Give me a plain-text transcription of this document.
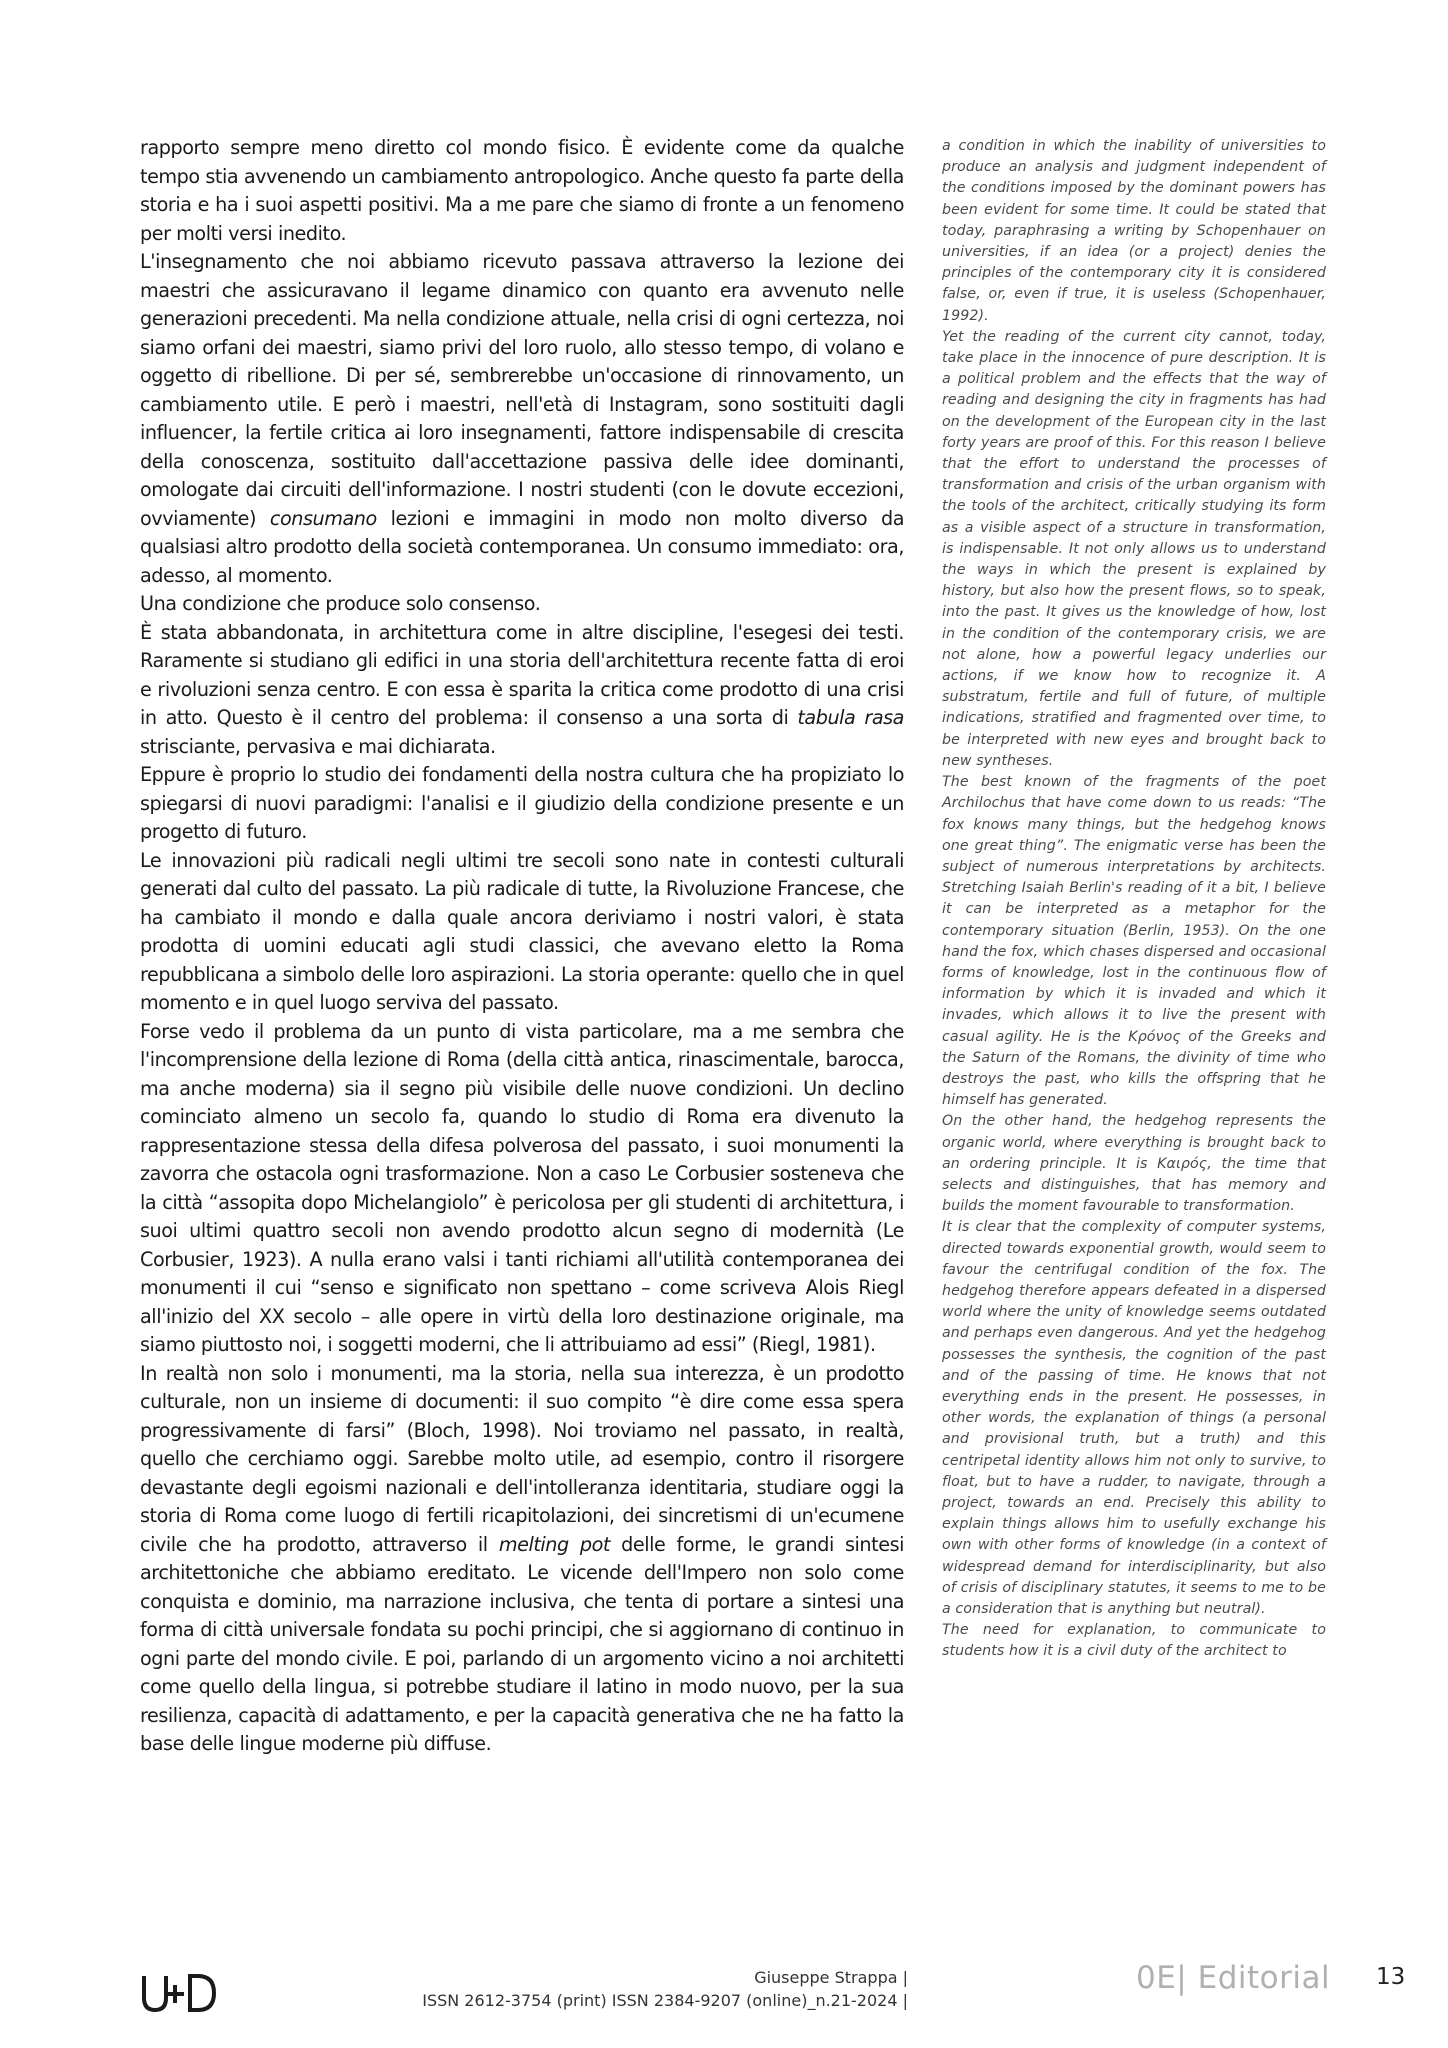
rapporto sempre meno diretto col mondo fisico. È evidente come da qualche tempo stia avvenendo un cambiamento antropologico. Anche questo fa parte della storia e ha i suoi aspetti positivi. Ma a me pare che siamo di fronte a un fenomeno per molti versi inedito.

L'insegnamento che noi abbiamo ricevuto passava attraverso la lezione dei maestri che assicuravano il legame dinamico con quanto era avvenuto nelle generazioni precedenti. Ma nella condizione attuale, nella crisi di ogni certezza, noi siamo orfani dei maestri, siamo privi del loro ruolo, allo stesso tempo, di volano e oggetto di ribellione. Di per sé, sembrerebbe un'occasione di rinnovamento, un cambiamento utile. E però i maestri, nell'età di Instagram, sono sostituiti dagli influencer, la fertile critica ai loro insegnamenti, fattore indispensabile di crescita della conoscenza, sostituito dall'accettazione passiva delle idee dominanti, omologate dai circuiti dell'informazione. I nostri studenti (con le dovute eccezioni, ovviamente) consumano lezioni e immagini in modo non molto diverso da qualsiasi altro prodotto della società contemporanea. Un consumo immediato: ora, adesso, al momento.

Una condizione che produce solo consenso.

È stata abbandonata, in architettura come in altre discipline, l'esegesi dei testi. Raramente si studiano gli edifici in una storia dell'architettura recente fatta di eroi e rivoluzioni senza centro. E con essa è sparita la critica come prodotto di una crisi in atto. Questo è il centro del problema: il consenso a una sorta di tabula rasa strisciante, pervasiva e mai dichiarata.

Eppure è proprio lo studio dei fondamenti della nostra cultura che ha propiziato lo spiegarsi di nuovi paradigmi: l'analisi e il giudizio della condizione presente e un progetto di futuro.

Le innovazioni più radicali negli ultimi tre secoli sono nate in contesti culturali generati dal culto del passato. La più radicale di tutte, la Rivoluzione Francese, che ha cambiato il mondo e dalla quale ancora deriviamo i nostri valori, è stata prodotta di uomini educati agli studi classici, che avevano eletto la Roma repubblicana a simbolo delle loro aspirazioni. La storia operante: quello che in quel momento e in quel luogo serviva del passato.

Forse vedo il problema da un punto di vista particolare, ma a me sembra che l'incomprensione della lezione di Roma (della città antica, rinascimentale, barocca, ma anche moderna) sia il segno più visibile delle nuove condizioni. Un declino cominciato almeno un secolo fa, quando lo studio di Roma era divenuto la rappresentazione stessa della difesa polverosa del passato, i suoi monumenti la zavorra che ostacola ogni trasformazione. Non a caso Le Corbusier sosteneva che la città “assopita dopo Michelangiolo” è pericolosa per gli studenti di architettura, i suoi ultimi quattro secoli non avendo prodotto alcun segno di modernità (Le Corbusier, 1923). A nulla erano valsi i tanti richiami all'utilità contemporanea dei monumenti il cui “senso e significato non spettano – come scriveva Alois Riegl all'inizio del XX secolo – alle opere in virtù della loro destinazione originale, ma siamo piuttosto noi, i soggetti moderni, che li attribuiamo ad essi” (Riegl, 1981).

In realtà non solo i monumenti, ma la storia, nella sua interezza, è un prodotto culturale, non un insieme di documenti: il suo compito “è dire come essa spera progressivamente di farsi” (Bloch, 1998). Noi troviamo nel passato, in realtà, quello che cerchiamo oggi. Sarebbe molto utile, ad esempio, contro il risorgere devastante degli egoismi nazionali e dell'intolleranza identitaria, studiare oggi la storia di Roma come luogo di fertili ricapitolazioni, dei sincretismi di un'ecumene civile che ha prodotto, attraverso il melting pot delle forme, le grandi sintesi architettoniche che abbiamo ereditato. Le vicende dell'Impero non solo come conquista e dominio, ma narrazione inclusiva, che tenta di portare a sintesi una forma di città universale fondata su pochi principi, che si aggiornano di continuo in ogni parte del mondo civile. E poi, parlando di un argomento vicino a noi architetti come quello della lingua, si potrebbe studiare il latino in modo nuovo, per la sua resilienza, capacità di adattamento, e per la capacità generativa che ne ha fatto la base delle lingue moderne più diffuse.

a condition in which the inability of universities to produce an analysis and judgment independent of the conditions imposed by the dominant powers has been evident for some time. It could be stated that today, paraphrasing a writing by Schopenhauer on universities, if an idea (or a project) denies the principles of the contemporary city it is considered false, or, even if true, it is useless (Schopenhauer, 1992).

Yet the reading of the current city cannot, today, take place in the innocence of pure description. It is a political problem and the effects that the way of reading and designing the city in fragments has had on the development of the European city in the last forty years are proof of this. For this reason I believe that the effort to understand the processes of transformation and crisis of the urban organism with the tools of the architect, critically studying its form as a visible aspect of a structure in transformation, is indispensable. It not only allows us to understand the ways in which the present is explained by history, but also how the present flows, so to speak, into the past. It gives us the knowledge of how, lost in the condition of the contemporary crisis, we are not alone, how a powerful legacy underlies our actions, if we know how to recognize it. A substratum, fertile and full of future, of multiple indications, stratified and fragmented over time, to be interpreted with new eyes and brought back to new syntheses.

The best known of the fragments of the poet Archilochus that have come down to us reads: “The fox knows many things, but the hedgehog knows one great thing”. The enigmatic verse has been the subject of numerous interpretations by architects. Stretching Isaiah Berlin's reading of it a bit, I believe it can be interpreted as a metaphor for the contemporary situation (Berlin, 1953). On the one hand the fox, which chases dispersed and occasional forms of knowledge, lost in the continuous flow of information by which it is invaded and which it invades, which allows it to live the present with casual agility. He is the Κρόνος of the Greeks and the Saturn of the Romans, the divinity of time who destroys the past, who kills the offspring that he himself has generated.

On the other hand, the hedgehog represents the organic world, where everything is brought back to an ordering principle. It is Καιρός, the time that selects and distinguishes, that has memory and builds the moment favourable to transformation.

It is clear that the complexity of computer systems, directed towards exponential growth, would seem to favour the centrifugal condition of the fox. The hedgehog therefore appears defeated in a dispersed world where the unity of knowledge seems outdated and perhaps even dangerous. And yet the hedgehog possesses the synthesis, the cognition of the past and of the passing of time. He knows that not everything ends in the present. He possesses, in other words, the explanation of things (a personal and provisional truth, but a truth) and this centripetal identity allows him not only to survive, to float, but to have a rudder, to navigate, through a project, towards an end. Precisely this ability to explain things allows him to usefully exchange his own with other forms of knowledge (in a context of widespread demand for interdisciplinarity, but also of crisis of disciplinary statutes, it seems to me to be a consideration that is anything but neutral).

The need for explanation, to communicate to students how it is a civil duty of the architect to

Giuseppe Strappa |
ISSN 2612-3754 (print) ISSN 2384-9207 (online)_n.21-2024 |
0E| Editorial 13
